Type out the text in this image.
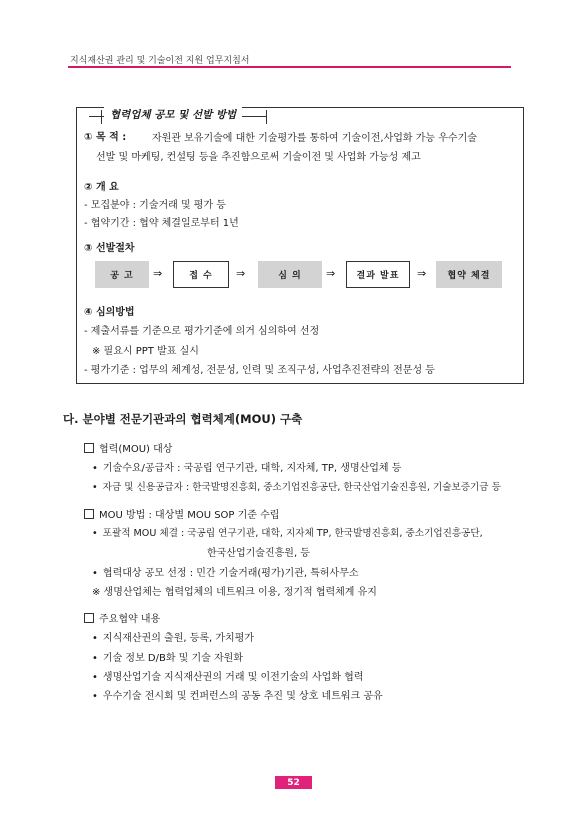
지식재산권 관리 및 기술이전 지원 업무지침서
협력업체 공모 및 선발 방법
① 목 적 :	자원관 보유기술에 대한 기술평가를 통하여 기술이전,사업화 가능 우수기술
선발 및 마케팅, 컨설팅 등을 추진함으로써 기술이전 및 사업화 가능성 제고
② 개 요
- 모집분야 : 기술거래 및 평가 등
- 협약기간 : 협약 체결일로부터 1년
③ 선발절차
공 고	⇒	접 수	⇒	심 의	⇒	결과 발표	⇒	협약 체결
④ 심의방법
- 제출서류를 기준으로 평가기준에 의거 심의하여 선정
※ 필요시 PPT 발표 실시
- 평가기준 : 업무의 체계성, 전문성, 인력 및 조직구성, 사업추진전략의 전문성 등
다. 분야별 전문기관과의 협력체계(MOU) 구축
협력(MOU) 대상
• 기술수요/공급자 : 국공립 연구기관, 대학, 지자체, TP, 생명산업체 등
• 자금 및 신용공급자 : 한국발명진흥회, 중소기업진흥공단, 한국산업기술진흥원, 기술보증기금 등
MOU 방법 : 대상별 MOU SOP 기준 수립
• 포괄적 MOU 체결 : 국공립 연구기관, 대학, 지자체 TP, 한국발명진흥회, 중소기업진흥공단,
한국산업기술진흥원, 등
• 협력대상 공모 선정 : 민간 기술거래(평가)기관, 특허사무소
※ 생명산업체는 협력업체의 네트워크 이용, 정기적 협력체계 유지
주요협약 내용
• 지식재산권의 출원, 등록, 가치평가
• 기술 정보 D/B화 및 기술 자원화
• 생명산업기술 지식재산권의 거래 및 이전기술의 사업화 협력
• 우수기술 전시회 및 컨퍼런스의 공동 추진 및 상호 네트워크 공유
52
